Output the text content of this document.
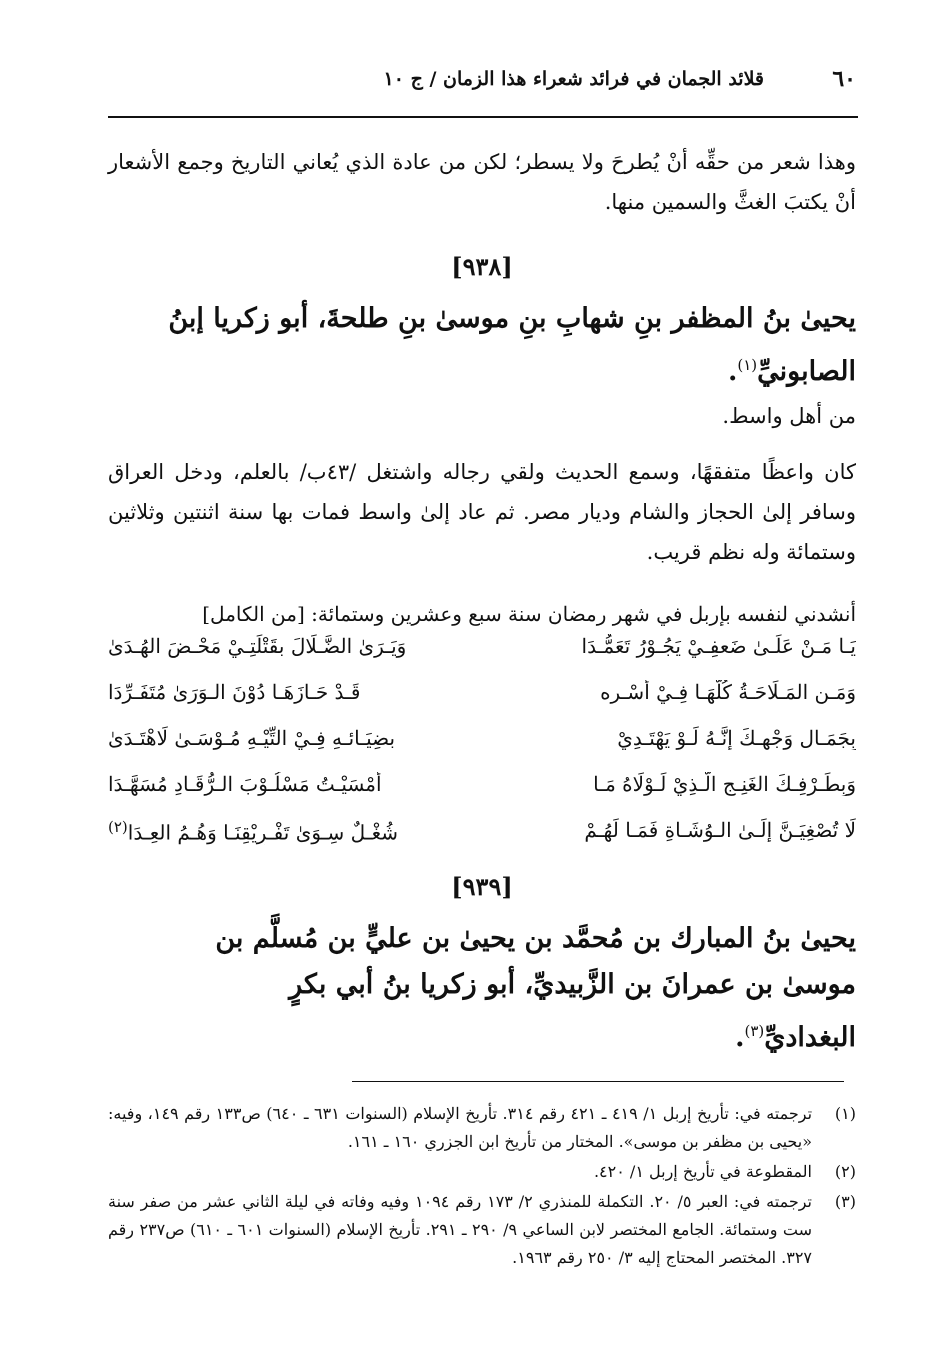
٦٠
قلائد الجمان في فرائد شعراء هذا الزمان / ج ١٠
وهذا شعر من حقِّه أنْ يُطرحَ ولا يسطر؛ لكن من عادة الذي يُعاني التاريخ وجمع الأشعار أنْ يكتبَ الغثَّ والسمين منها.
[٩٣٨]
يحيىٰ بنُ المظفر بنِ شهابِ بنِ موسىٰ بنِ طلحةَ، أبو زكريا إبنُ الصابونيِّ$^{(١)}$.
من أهل واسط.
كان واعظًا متفقهًا، وسمع الحديث ولقي رجاله واشتغل /٤٣ب/ بالعلم، ودخل العراق وسافر إلىٰ الحجاز والشام وديار مصر. ثم عاد إلىٰ واسط فمات بها سنة اثنتين وثلاثين وستمائة وله نظم قريب.
أنشدني لنفسه بإربل في شهر رمضان سنة سبع وعشرين وستمائة: [من الكامل]
يَـا مَـنْ عَلَـىٰ ضَعفِـيْ يَجُـوْرُ تَعَمُّـدَا
وَيَـرَىٰ الضَّـلَالَ بقَتْلَتِـيْ مَحْـضَ الهُـدَىٰ
وَمَـنِ المَـلَاحَـةُ كُلُّهَـا فِـيْ أَسْـرِه
قَـدْ حَـازَهَـا دُوْنَ الـوَرَىٰ مُتَفَـرِّدَا
بِجَمَـالِ وَجْهِـكَ إنَّـهُ لَـوْ يَهْتَـدِيْ
بضِيَـائـهِ فِـيْ التِّيْـهِ مُـوْسَـىٰ لَاهْتَـدَىٰ
وَبِطَـرْفِـكَ الغَنِـجِ الَّـذِيْ لَـوْلَاهُ مَـا
أَمْسَيْـتُ مَسْلُـوْبَ الـرُّقَـادِ مُسَهَّـدَا
لَا تُصْغِيَـنَّ إلَـىٰ الـوُشَـاةِ فَمَـا لَهُـمْ
شُغْـلٌ سِـوَىٰ تَفْـرِيْقِنَـا وَهُـمُ العِـدَا$^{(٢)}$
[٩٣٩]
يحيىٰ بنُ المبارك بن مُحمَّد بن يحيىٰ بن عليٍّ بن مُسلَّم بن موسىٰ بن عمرانَ بن الزَّبيديِّ، أبو زكريا بنُ أبي بكرٍ البغداديِّ$^{(٣)}$.
(١)
ترجمته في: تأريخ إربل ١/ ٤١٩ ـ ٤٢١ رقم ٣١٤. تأريخ الإسلام (السنوات ٦٣١ ـ ٦٤٠) ص١٣٣ رقم ١٤٩، وفيه: «يحيى بن مظفر بن موسى». المختار من تأريخ ابن الجزري ١٦٠ ـ ١٦١.
(٢)
المقطوعة في تأريخ إربل ١/ ٤٢٠.
(٣)
ترجمته في: العبر ٥/ ٢٠. التكملة للمنذري ٢/ ١٧٣ رقم ١٠٩٤ وفيه وفاته في ليلة الثاني عشر من صفر سنة ست وستمائة. الجامع المختصر لابن الساعي ٩/ ٢٩٠ ـ ٢٩١. تأريخ الإسلام (السنوات ٦٠١ ـ ٦١٠) ص٢٣٧ رقم ٣٢٧. المختصر المحتاج إليه ٣/ ٢٥٠ رقم ١٩٦٣.
